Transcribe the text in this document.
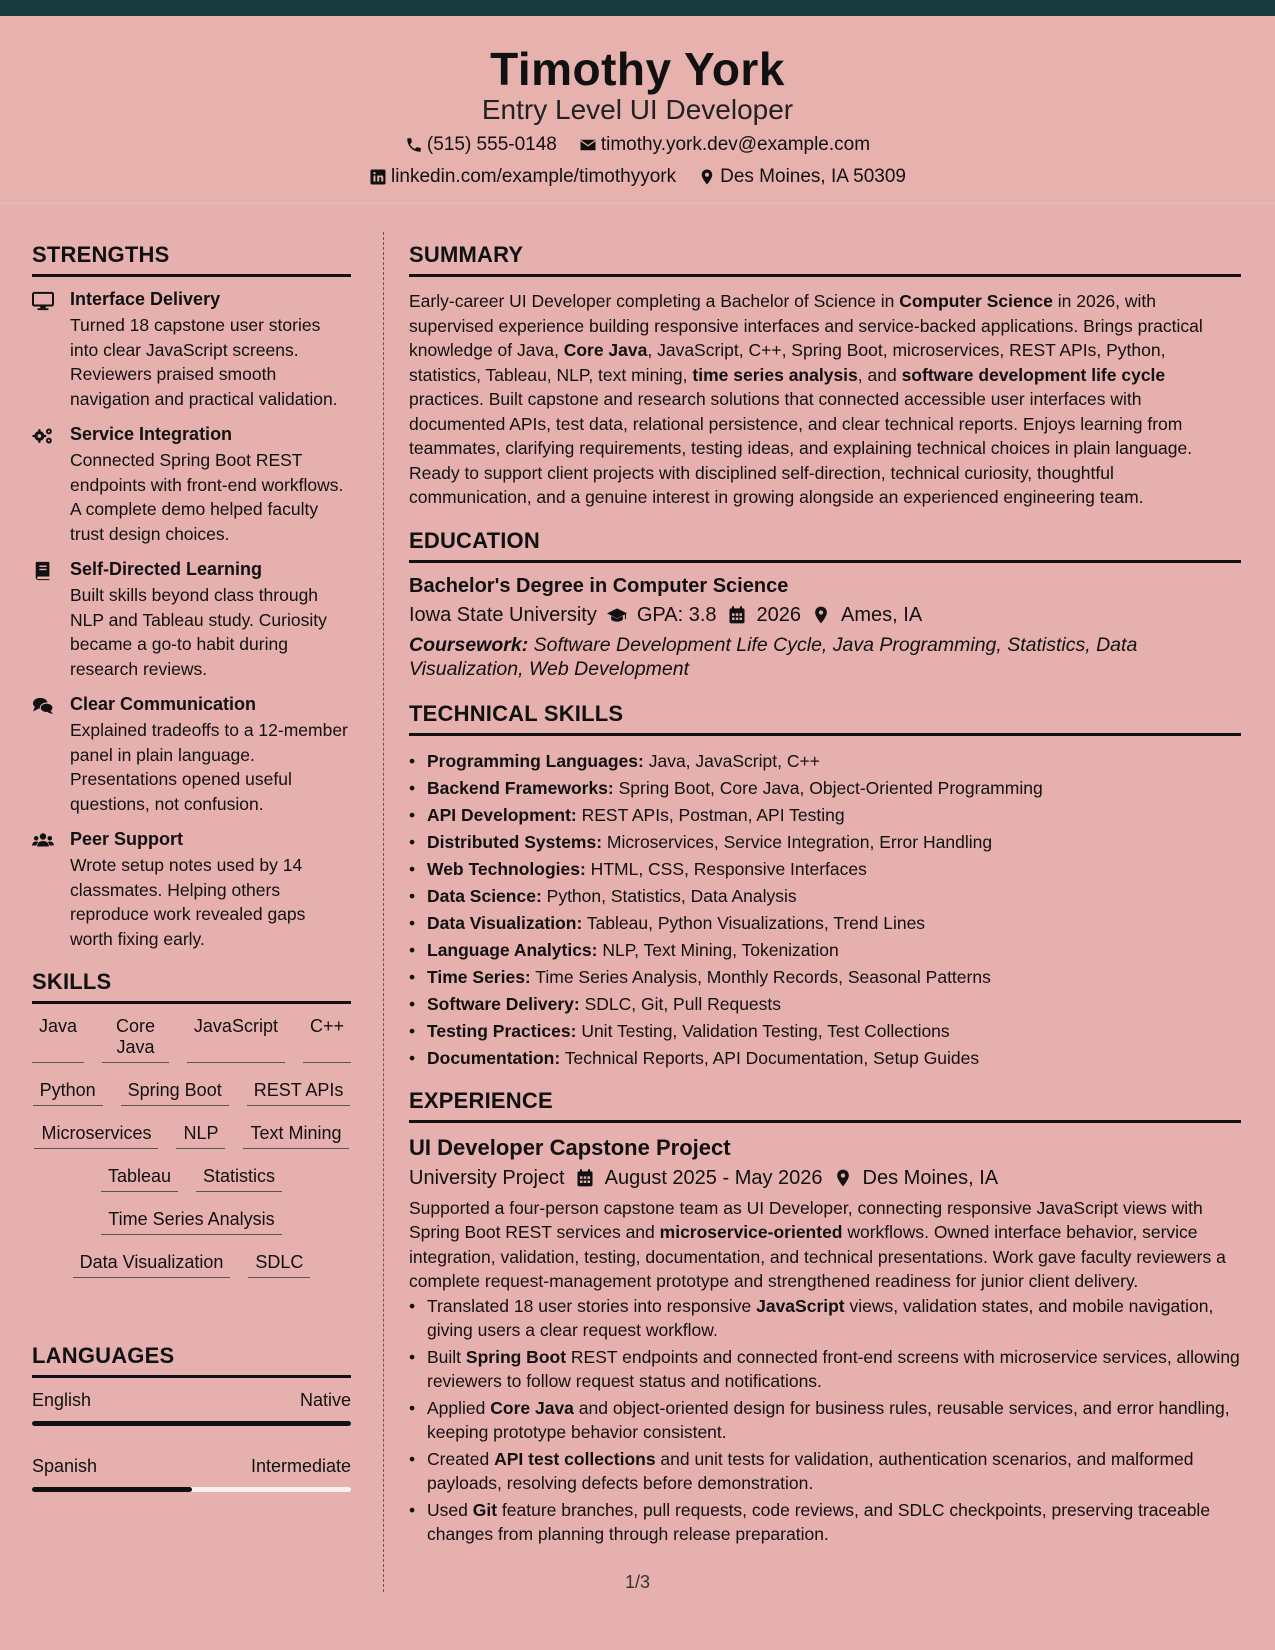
Timothy York
Entry Level UI Developer
(515) 555-0148 timothy.york.dev@example.com
linkedin.com/example/timothyyork Des Moines, IA 50309
STRENGTHS
Interface Delivery

Turned 18 capstone user stories into clear JavaScript screens. Reviewers praised smooth navigation and practical validation.

Service Integration

Connected Spring Boot REST endpoints with front-end workflows. A complete demo helped faculty trust design choices.

Self-Directed Learning

Built skills beyond class through NLP and Tableau study. Curiosity became a go-to habit during research reviews.

Clear Communication

Explained tradeoffs to a 12-member panel in plain language. Presentations opened useful questions, not confusion.

Peer Support

Wrote setup notes used by 14 classmates. Helping others reproduce work revealed gaps worth fixing early.

SKILLS
Java	Core Java
JavaScript	C++
Python	Spring Boot	REST APIs
Microservices	NLP	Text Mining
Tableau	Statistics
Time Series Analysis
Data Visualization	SDLC
LANGUAGES
English	Native
Spanish	Intermediate
SUMMARY

Early-career UI Developer completing a Bachelor of Science in Computer Science in 2026, with supervised experience building responsive interfaces and service-backed applications. Brings practical knowledge of Java, Core Java, JavaScript, C++, Spring Boot, microservices, REST APIs, Python, statistics, Tableau, NLP, text mining, time series analysis, and software development life cycle practices. Built capstone and research solutions that connected accessible user interfaces with documented APIs, test data, relational persistence, and clear technical reports. Enjoys learning from teammates, clarifying requirements, testing ideas, and explaining technical choices in plain language. Ready to support client projects with disciplined self-direction, technical curiosity, thoughtful communication, and a genuine interest in growing alongside an experienced engineering team.

EDUCATION
Bachelor's Degree in Computer Science
Iowa State University GPA: 3.8 2026 Ames, IA

Coursework: Software Development Life Cycle, Java Programming, Statistics, Data Visualization, Web Development

TECHNICAL SKILLS
• Programming Languages: Java, JavaScript, C++
• Backend Frameworks: Spring Boot, Core Java, Object-Oriented Programming
• API Development: REST APIs, Postman, API Testing
• Distributed Systems: Microservices, Service Integration, Error Handling
• Web Technologies: HTML, CSS, Responsive Interfaces
• Data Science: Python, Statistics, Data Analysis
• Data Visualization: Tableau, Python Visualizations, Trend Lines
• Language Analytics: NLP, Text Mining, Tokenization
• Time Series: Time Series Analysis, Monthly Records, Seasonal Patterns
• Software Delivery: SDLC, Git, Pull Requests
• Testing Practices: Unit Testing, Validation Testing, Test Collections
• Documentation: Technical Reports, API Documentation, Setup Guides
EXPERIENCE
UI Developer Capstone Project
University Project August 2025 - May 2026 Des Moines, IA

Supported a four-person capstone team as UI Developer, connecting responsive JavaScript views with Spring Boot REST services and microservice-oriented workflows. Owned interface behavior, service integration, validation, testing, documentation, and technical presentations. Work gave faculty reviewers a complete request-management prototype and strengthened readiness for junior client delivery.

• Translated 18 user stories into responsive JavaScript views, validation states, and mobile navigation, giving users a clear request workflow.
• Built Spring Boot REST endpoints and connected front-end screens with microservice services, allowing reviewers to follow request status and notifications.
• Applied Core Java and object-oriented design for business rules, reusable services, and error handling, keeping prototype behavior consistent.
• Created API test collections and unit tests for validation, authentication scenarios, and malformed payloads, resolving defects before demonstration.
• Used Git feature branches, pull requests, code reviews, and SDLC checkpoints, preserving traceable changes from planning through release preparation.
1/3
